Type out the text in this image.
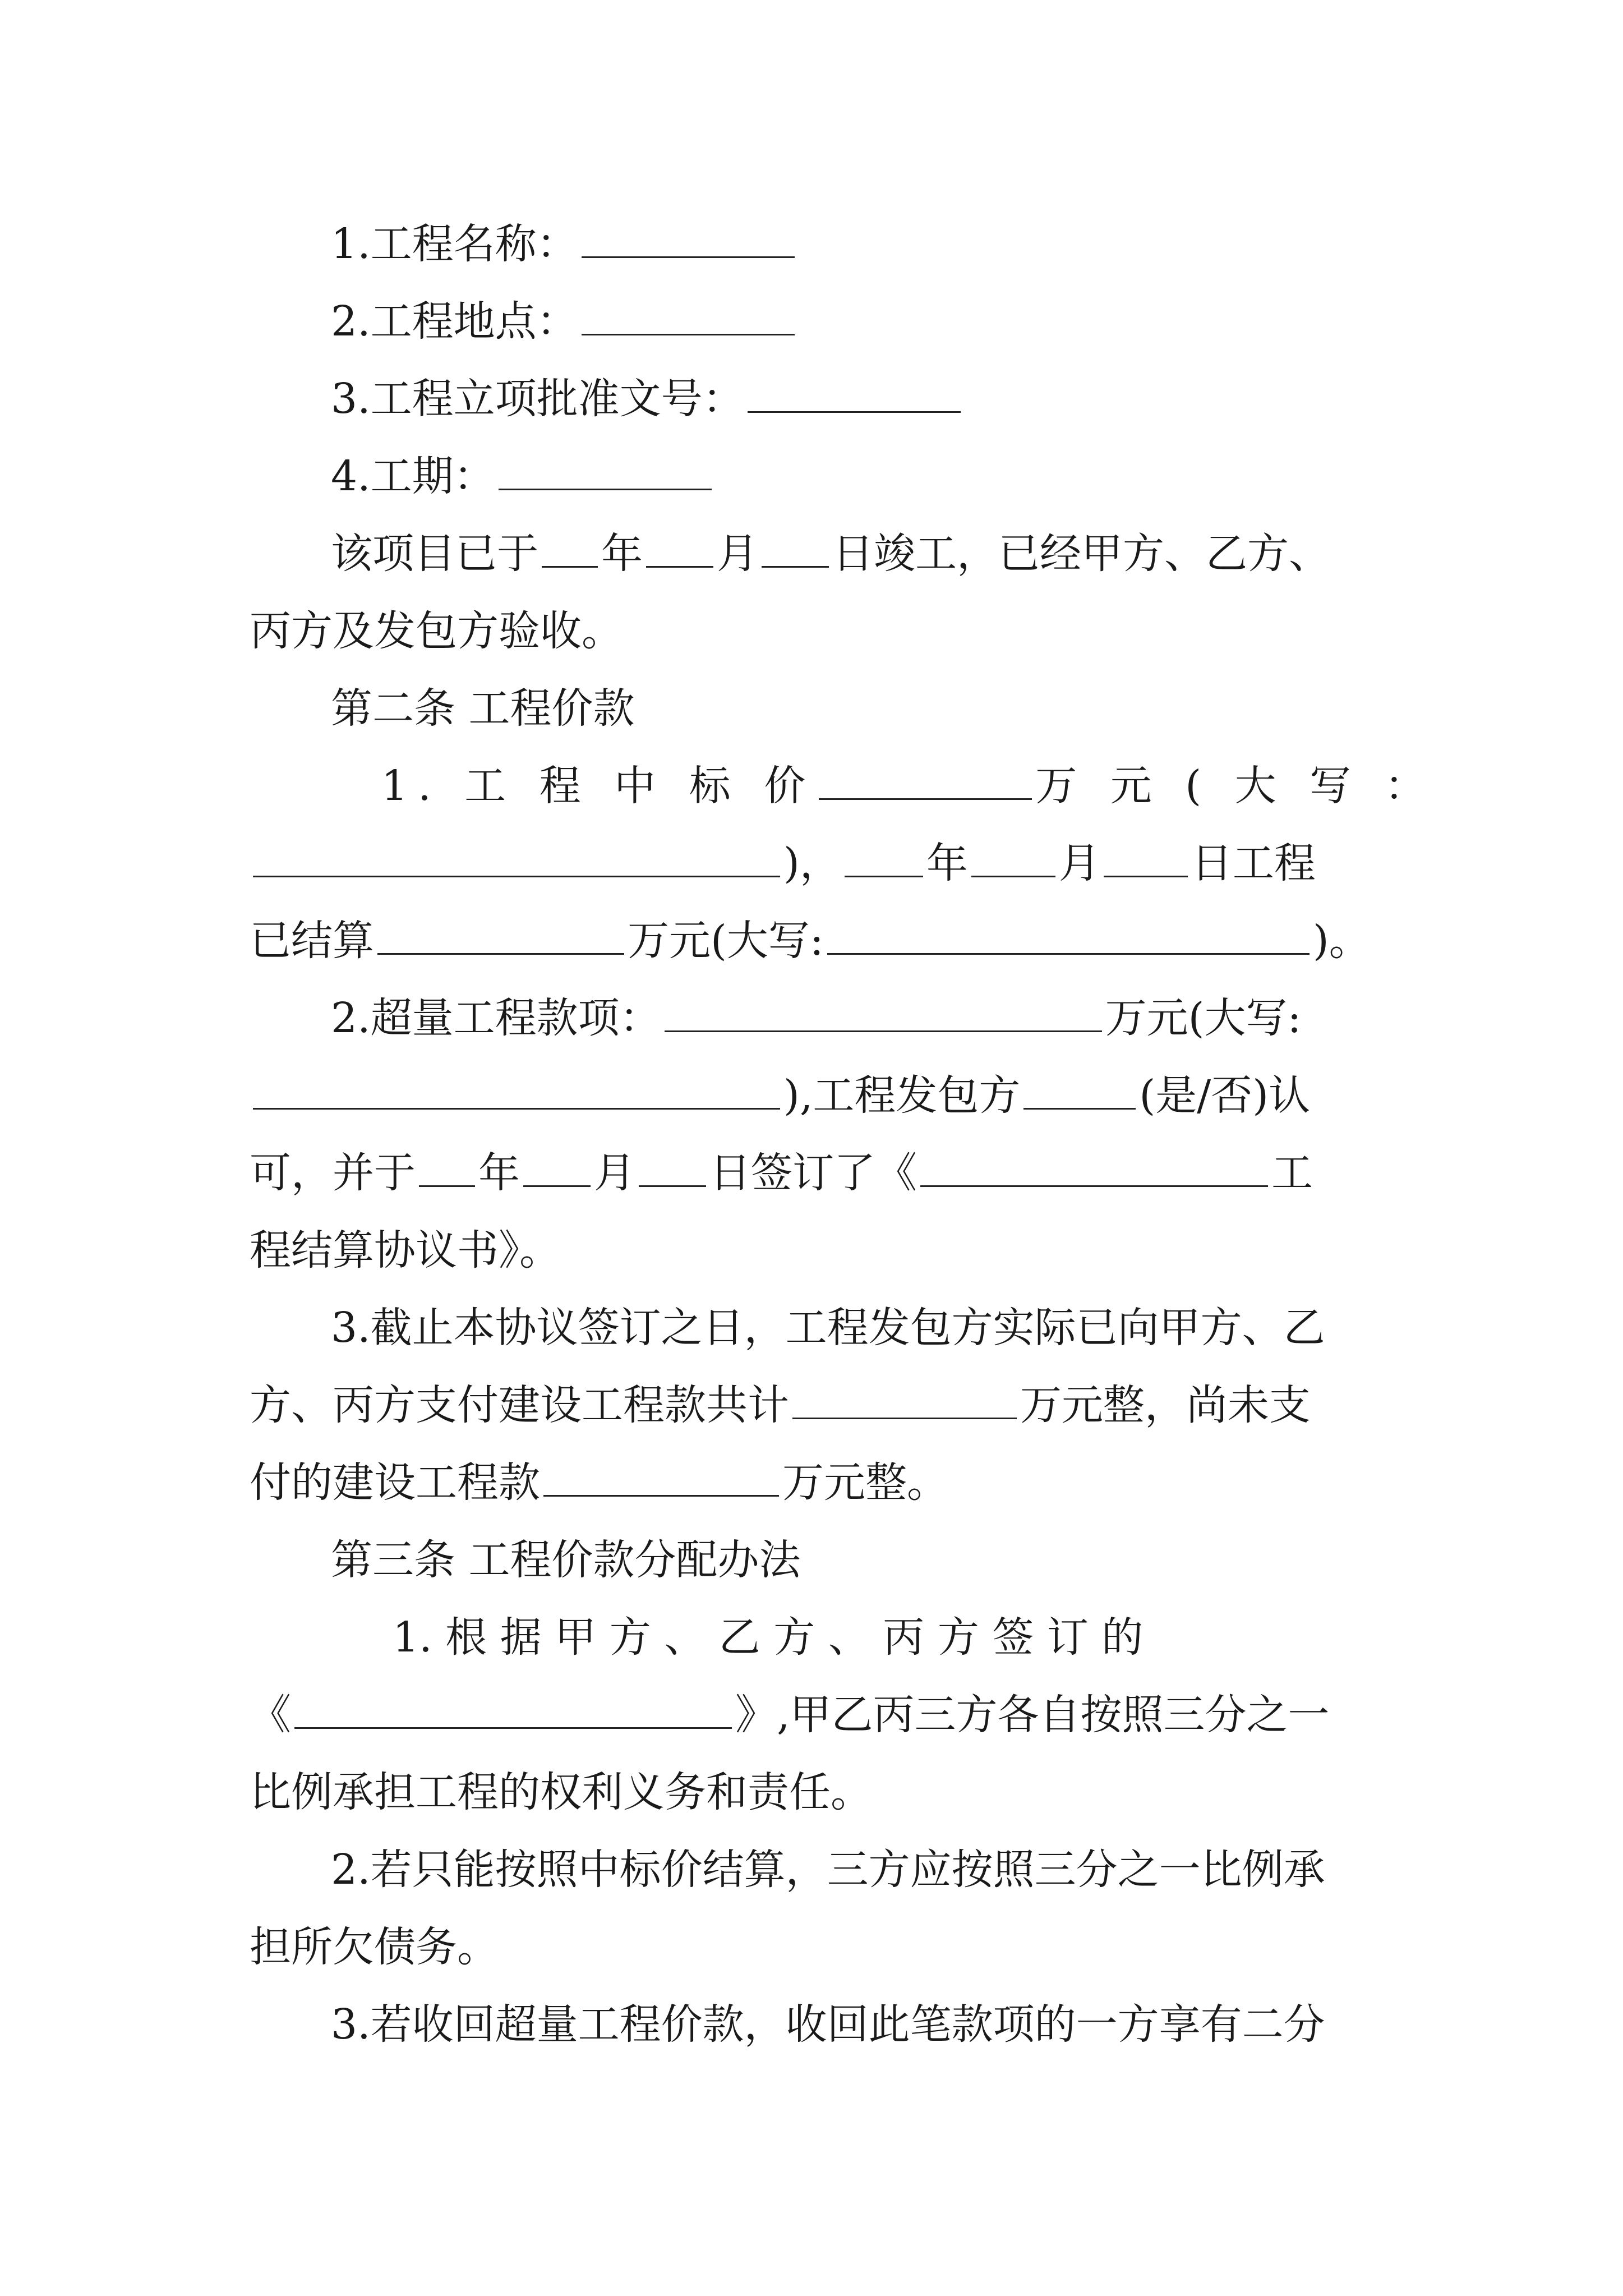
1.工程名称：
2.工程地点：
3.工程立项批准文号：
4.工期：
该项目已于 年 月 日竣工，已经甲方、乙方、
丙方及发包方验收。
第二条 工程价款
1. 工 程 中 标 价	万 元 ( 大 写 ：
)， 年 月 日工程
已结算	万元(大写:	)。
2.超量工程款项：	万元(大写:
),工程发包方	(是/否)认
可，并于 年 月 日签订了《	工
程结算协议书》。
3.截止本协议签订之日，工程发包方实际已向甲方、乙
方、丙方支付建设工程款共计	万元整，尚未支
付的建设工程款	万元整。
第三条 工程价款分配办法
1. 根 据 甲 方 、 乙 方 、 丙 方 签 订 的
《	》,甲乙丙三方各自按照三分之一
比例承担工程的权利义务和责任。
2.若只能按照中标价结算，三方应按照三分之一比例承
担所欠债务。
3.若收回超量工程价款，收回此笔款项的一方享有二分
